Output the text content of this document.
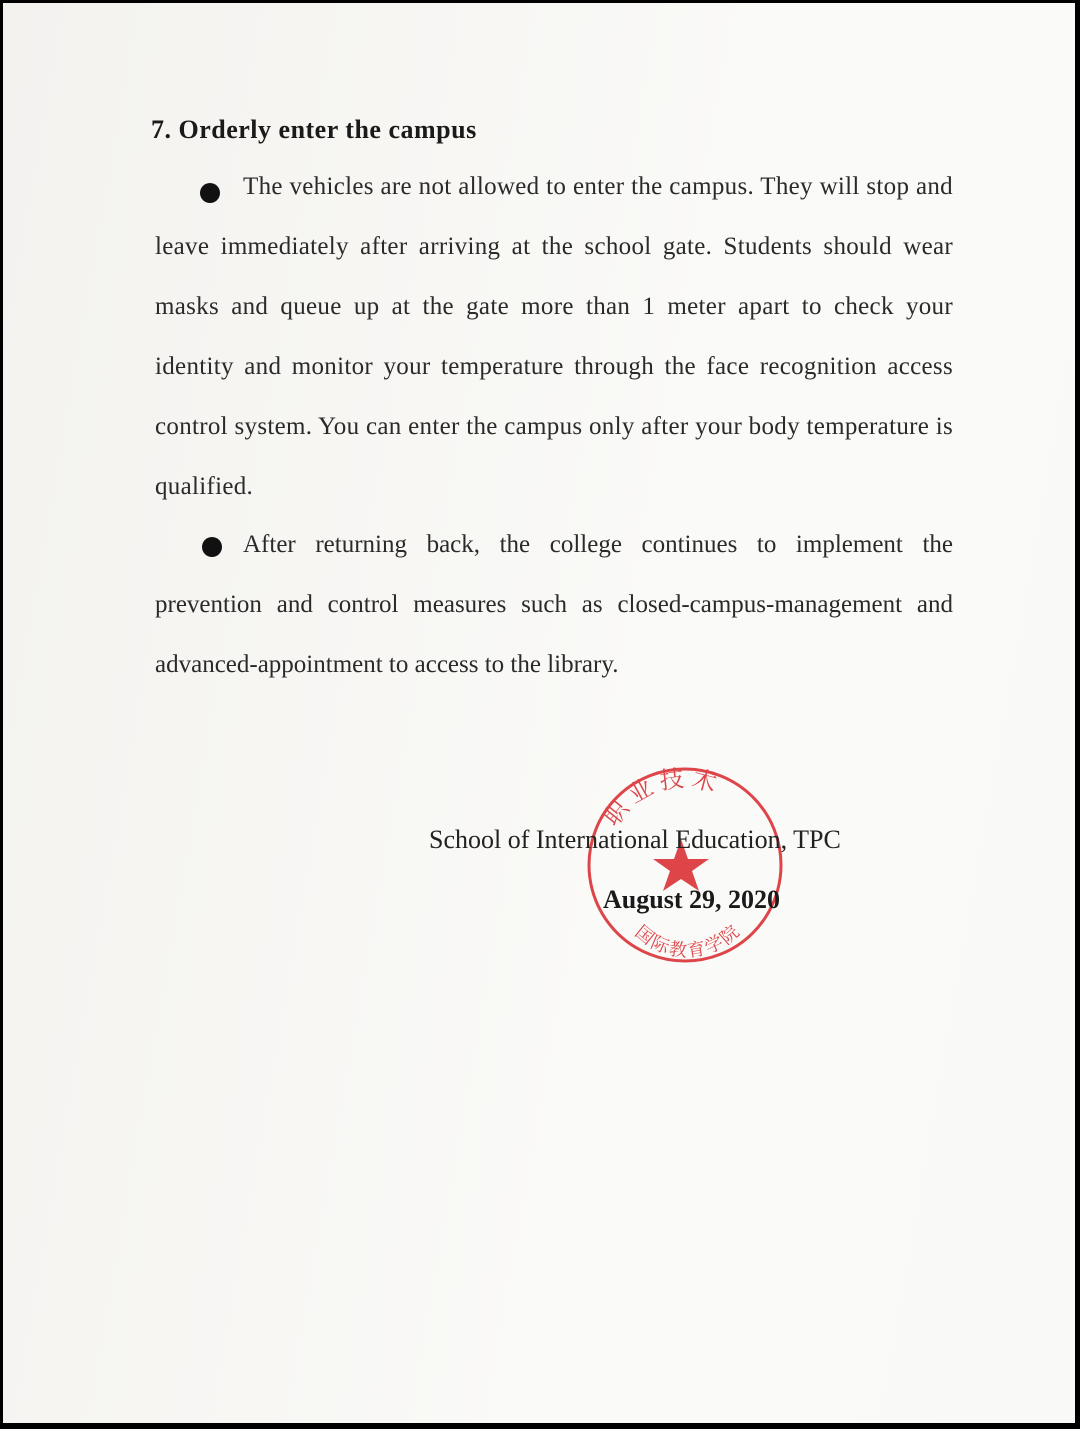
7. Orderly enter the campus

The vehicles are not allowed to enter the campus. They will stop and leave immediately after arriving at the school gate. Students should wear masks and queue up at the gate more than 1 meter apart to check your identity and monitor your temperature through the face recognition access control system. You can enter the campus only after your body temperature is qualified.

After returning back, the college continues to implement the prevention and control measures such as closed-campus-management and advanced-appointment to access to the library.

职业技术
国际教育学院
School of International Education, TPC
August 29, 2020
